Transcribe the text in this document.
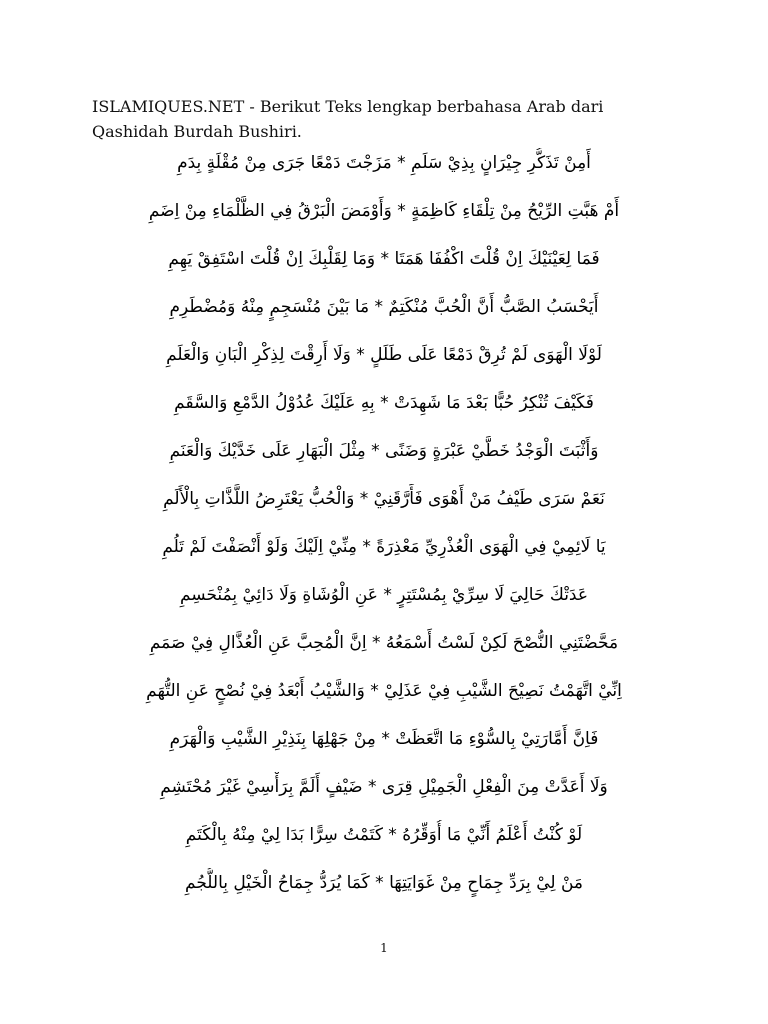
ISLAMIQUES.NET - Berikut Teks lengkap berbahasa Arab dari
Qashidah Burdah Bushiri.
أَمِنْ تَذَكُّرِ جِيْرَانٍ بِذِيْ سَلَمِ * مَزَجْتَ دَمْعًا جَرَى مِنْ مُقْلَةٍ بِدَمِ
أَمْ هَبَّتِ الرِّيْحُ مِنْ تِلْقَاءِ كَاظِمَةٍ * وَأَوْمَضَ الْبَرْقُ فِي الظَّلْمَاءِ مِنْ اِضَمِ
فَمَا لِعَيْنَيْكَ اِنْ قُلْتَ اكْفُفَا هَمَتَا * وَمَا لِقَلْبِكَ اِنْ قُلْتَ اسْتَفِقْ يَهِمِ
أَيَحْسَبُ الصَّبُّ أَنَّ الْحُبَّ مُنْكَتِمٌ * مَا بَيْنَ مُنْسَجِمٍ مِنْهُ وَمُضْطَرِمِ
لَوْلَا الْهَوَى لَمْ تُرِقْ دَمْعًا عَلَى طَلَلٍ * وَلَا أَرِقْتَ لِذِكْرِ الْبَانِ وَالْعَلَمِ
فَكَيْفَ تُنْكِرُ حُبًّا بَعْدَ مَا شَهِدَتْ * بِهِ عَلَيْكَ عُدُوْلُ الدَّمْعِ وَالسَّقَمِ
وَأَثْبَتَ الْوَجْدُ خَطَّيْ عَبْرَةٍ وَضَنًى * مِثْلَ الْبَهَارِ عَلَى خَدَّيْكَ وَالْعَنَمِ
نَعَمْ سَرَى طَيْفُ مَنْ أَهْوَى فَأَرَّقَنِيْ * وَالْحُبُّ يَعْتَرِضُ اللَّذَّاتِ بِالْأَلَمِ
يَا لَائِمِيْ فِي الْهَوَى الْعُذْرِيِّ مَعْذِرَةً * مِنِّيْ اِلَيْكَ وَلَوْ أَنْصَفْتَ لَمْ تَلُمِ
عَدَتْكَ حَالِيَ لَا سِرِّيْ بِمُسْتَتِرٍ * عَنِ الْوُشَاةِ وَلَا دَائِيْ بِمُنْحَسِمِ
مَحَّضْتَنِي النُّصْحَ لَكِنْ لَسْتُ أَسْمَعُهُ * اِنَّ الْمُحِبَّ عَنِ الْعُذَّالِ فِيْ صَمَمِ
اِنِّيْ اتَّهَمْتُ نَصِيْحَ الشَّيْبِ فِيْ عَذَلِيْ * وَالشَّيْبُ أَبْعَدُ فِيْ نُصْحٍ عَنِ التُّهَمِ
فَاِنَّ أَمَّارَتِيْ بِالسُّوْءِ مَا اتَّعَظَتْ * مِنْ جَهْلِهَا بِنَذِيْرِ الشَّيْبِ وَالْهَرَمِ
وَلَا أَعَدَّتْ مِنَ الْفِعْلِ الْجَمِيْلِ قِرَى * ضَيْفٍ أَلَمَّ بِرَأْسِيْ غَيْرَ مُحْتَشِمِ
لَوْ كُنْتُ أَعْلَمُ أَنِّيْ مَا أُوَقِّرُهُ * كَتَمْتُ سِرًّا بَدَا لِيْ مِنْهُ بِالْكَتَمِ
مَنْ لِيْ بِرَدِّ جِمَاحٍ مِنْ غَوَايَتِهَا * كَمَا يُرَدُّ جِمَاحُ الْخَيْلِ بِاللُّجُمِ
1
